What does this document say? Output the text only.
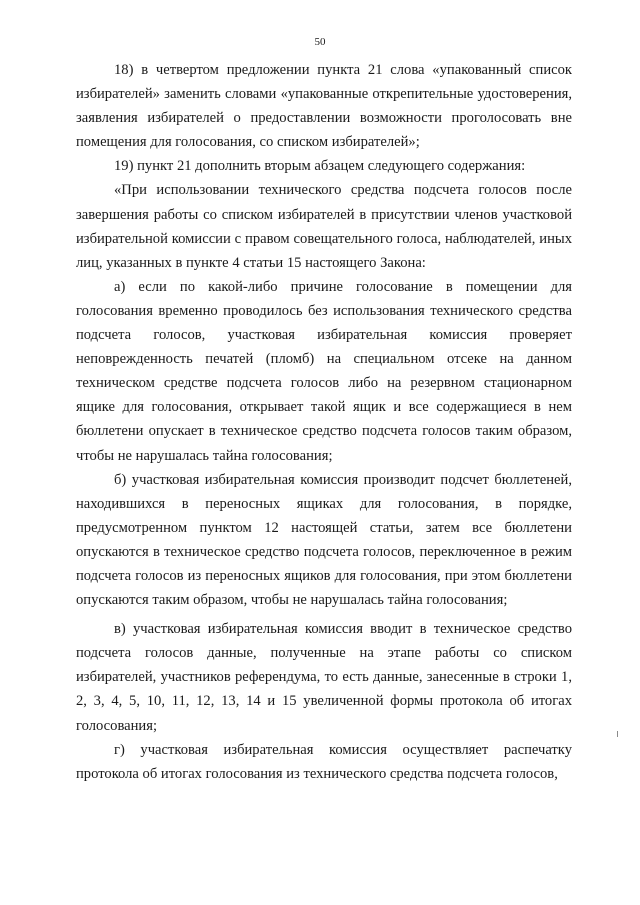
50

18) в четвертом предложении пункта 21 слова «упакованный список избирателей» заменить словами «упакованные открепительные удостоверения, заявления избирателей о предоставлении возможности проголосовать вне помещения для голосования, со списком избирателей»;

19) пункт 21 дополнить вторым абзацем следующего содержания:

«При использовании технического средства подсчета голосов после завершения работы со списком избирателей в присутствии членов участковой избирательной комиссии с правом совещательного голоса, наблюдателей, иных лиц, указанных в пункте 4 статьи 15 настоящего Закона:

а) если по какой-либо причине голосование в помещении для голосования временно проводилось без использования технического средства подсчета голосов, участковая избирательная комиссия проверяет неповрежденность печатей (пломб) на специальном отсеке на данном техническом средстве подсчета голосов либо на резервном стационарном ящике для голосования, открывает такой ящик и все содержащиеся в нем бюллетени опускает в техническое средство подсчета голосов таким образом, чтобы не нарушалась тайна голосования;

б) участковая избирательная комиссия производит подсчет бюллетеней, находившихся в переносных ящиках для голосования, в порядке, предусмотренном пунктом 12 настоящей статьи, затем все бюллетени опускаются в техническое средство подсчета голосов, переключенное в режим подсчета голосов из переносных ящиков для голосования, при этом бюллетени опускаются таким образом, чтобы не нарушалась тайна голосования;

в) участковая избирательная комиссия вводит в техническое средство подсчета голосов данные, полученные на этапе работы со списком избирателей, участников референдума, то есть данные, занесенные в строки 1, 2, 3, 4, 5, 10, 11, 12, 13, 14 и 15 увеличенной формы протокола об итогах голосования;

г) участковая избирательная комиссия осуществляет распечатку протокола об итогах голосования из технического средства подсчета голосов,
